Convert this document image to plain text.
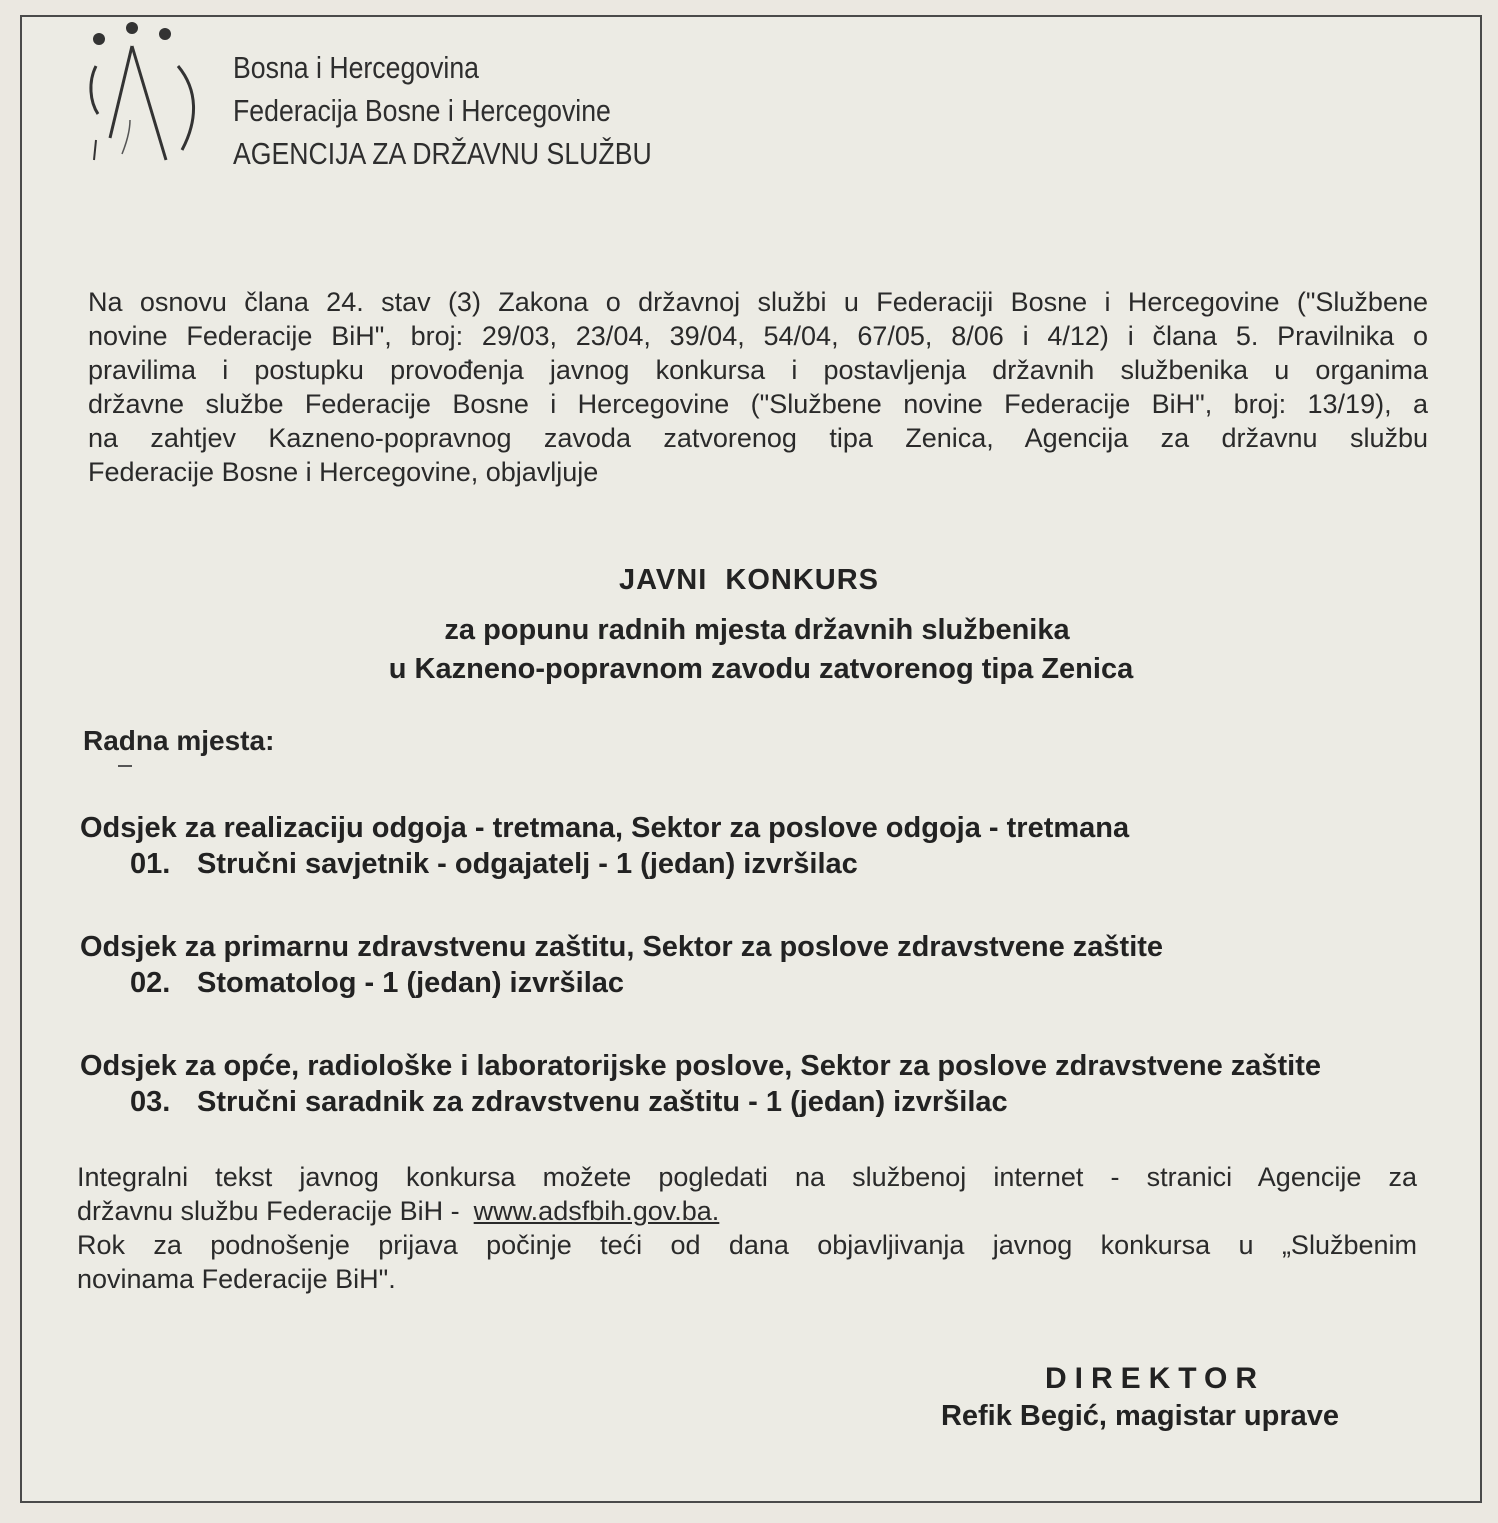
Bosna i Hercegovina
Federacija Bosne i Hercegovine
AGENCIJA ZA DRŽAVNU SLUŽBU
Na osnovu člana 24. stav (3) Zakona o državnoj službi u Federaciji Bosne i Hercegovine ("Službene
novine Federacije BiH", broj: 29/03, 23/04, 39/04, 54/04, 67/05, 8/06 i 4/12) i člana 5. Pravilnika o
pravilima i postupku provođenja javnog konkursa i postavljenja državnih službenika u organima
državne službe Federacije Bosne i Hercegovine ("Službene novine Federacije BiH", broj: 13/19), a
na zahtjev Kazneno-popravnog zavoda zatvorenog tipa Zenica, Agencija za državnu službu
Federacije Bosne i Hercegovine, objavljuje
JAVNI  KONKURS
za popunu radnih mjesta državnih službenika
u Kazneno-popravnom zavodu zatvorenog tipa Zenica
Radna mjesta:
Odsjek za realizaciju odgoja - tretmana, Sektor za poslove odgoja - tretmana
01. Stručni savjetnik - odgajatelj - 1 (jedan) izvršilac
Odsjek za primarnu zdravstvenu zaštitu, Sektor za poslove zdravstvene zaštite
02. Stomatolog - 1 (jedan) izvršilac
Odsjek za opće, radiološke i laboratorijske poslove, Sektor za poslove zdravstvene zaštite
03. Stručni saradnik za zdravstvenu zaštitu - 1 (jedan) izvršilac
Integralni tekst javnog konkursa možete pogledati na službenoj internet - stranici Agencije za
državnu službu Federacije BiH - www.adsfbih.gov.ba.
Rok za podnošenje prijava počinje teći od dana objavljivanja javnog konkursa u „Službenim
novinama Federacije BiH".
DIREKTOR
Refik Begić, magistar uprave
